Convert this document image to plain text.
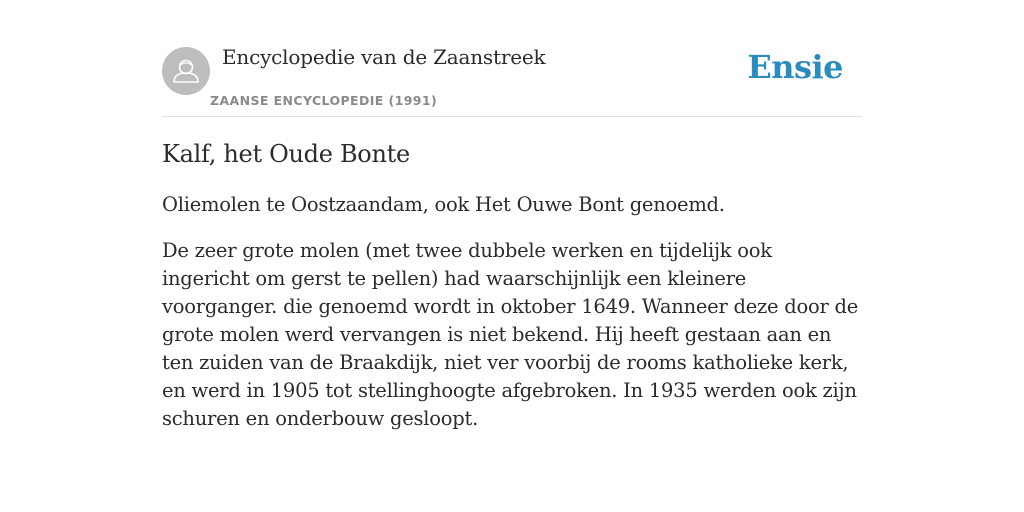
Encyclopedie van de Zaanstreek
ZAANSE ENCYCLOPEDIE (1991)
Ensie
Kalf, het Oude Bonte

Oliemolen te Oostzaandam, ook Het Ouwe Bont genoemd.

De zeer grote molen (met twee dubbele werken en tijdelijk ook ingericht om gerst te pellen) had waarschijnlijk een kleinere voorganger. die genoemd wordt in oktober 1649. Wanneer deze door de grote molen werd vervangen is niet bekend. Hij heeft gestaan aan en ten zuiden van de Braakdijk, niet ver voorbij de rooms katholieke kerk, en werd in 1905 tot stellinghoogte afgebroken. In 1935 werden ook zijn schuren en onderbouw gesloopt.
